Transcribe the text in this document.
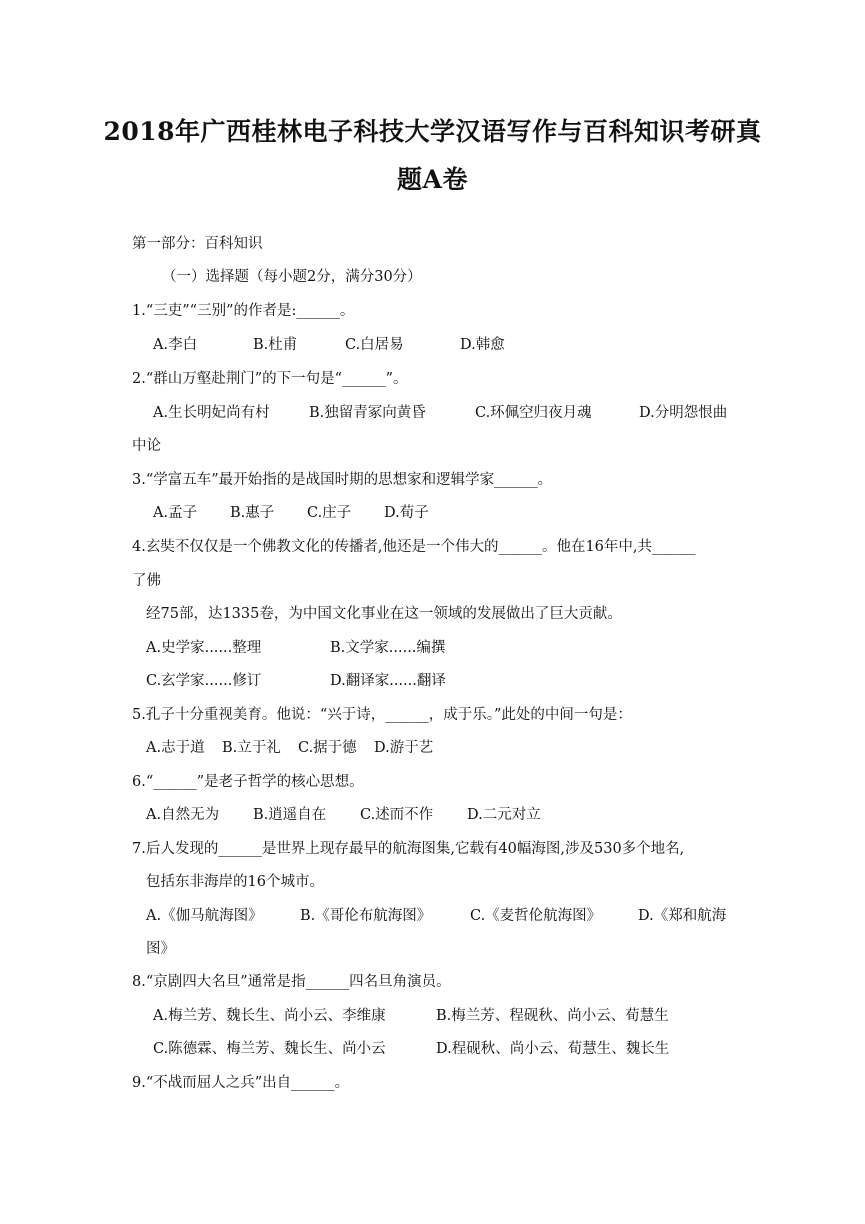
2018年广西桂林电子科技大学汉语写作与百科知识考研真
题A卷
第一部分：百科知识
（一）选择题（每小题2分，满分30分）
1.“三吏”“三别”的作者是:______。
A.李白	B.杜甫	C.白居易	D.韩愈
2.“群山万壑赴荆门”的下一句是“______”。
A.生长明妃尚有村	B.独留青冢向黄昏	C.环佩空归夜月魂	D.分明怨恨曲
中论
3.“学富五车”最开始指的是战国时期的思想家和逻辑学家______。
A.孟子 B.惠子 C.庄子 D.荀子
4.玄奘不仅仅是一个佛教文化的传播者,他还是一个伟大的______。他在16年中,共______
了佛
经75部，达1335卷，为中国文化事业在这一领域的发展做出了巨大贡献。
A.史学家......整理	B.文学家......编撰
C.玄学家......修订	D.翻译家......翻译
5.孔子十分重视美育。他说：“兴于诗，______，成于乐。”此处的中间一句是：
A.志于道 B.立于礼 C.据于德 D.游于艺
6.“______”是老子哲学的核心思想。
A.自然无为 B.逍遥自在 C.述而不作 D.二元对立
7.后人发现的______是世界上现存最早的航海图集,它载有40幅海图,涉及530多个地名,
包括东非海岸的16个城市。
A.《伽马航海图》	B.《哥伦布航海图》	C.《麦哲伦航海图》	D.《郑和航海
图》
8.“京剧四大名旦”通常是指______四名旦角演员。
A.梅兰芳、魏长生、尚小云、李维康	B.梅兰芳、程砚秋、尚小云、荀慧生
C.陈德霖、梅兰芳、魏长生、尚小云	D.程砚秋、尚小云、荀慧生、魏长生
9.“不战而屈人之兵”出自______。
